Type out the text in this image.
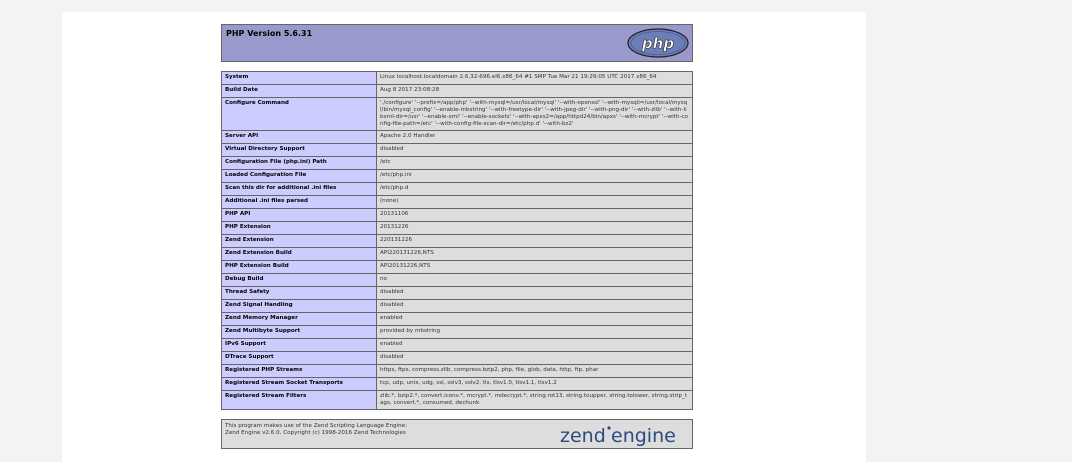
PHP Version 5.6.31
php
System	Linux localhost.localdomain 2.6.32-696.el6.x86_64 #1 SMP Tue Mar 21 19:29:05 UTC 2017 x86_64
Build Date	Aug 8 2017 23:08:28
Configure Command	'./configure' '--prefix=/app/php' '--with-mysql=/usr/local/mysql' '--with-openssl' '--with-mysqli=/usr/local/mysql/bin/mysql_config' '--enable-mbstring' '--with-freetype-dir' '--with-jpeg-dir' '--with-png-dir' '--with-zlib' '--with-libxml-dir=/usr' '--enable-xml' '--enable-sockets' '--with-apxs2=/app/httpd24/bin/apxs' '--with-mcrypt' '--with-config-file-path=/etc' '--with-config-file-scan-dir=/etc/php.d' '--with-bz2'
Server API	Apache 2.0 Handler
Virtual Directory Support	disabled
Configuration File (php.ini) Path	/etc
Loaded Configuration File	/etc/php.ini
Scan this dir for additional .ini files	/etc/php.d
Additional .ini files parsed	(none)
PHP API	20131106
PHP Extension	20131226
Zend Extension	220131226
Zend Extension Build	API220131226,NTS
PHP Extension Build	API20131226,NTS
Debug Build	no
Thread Safety	disabled
Zend Signal Handling	disabled
Zend Memory Manager	enabled
Zend Multibyte Support	provided by mbstring
IPv6 Support	enabled
DTrace Support	disabled
Registered PHP Streams	https, ftps, compress.zlib, compress.bzip2, php, file, glob, data, http, ftp, phar
Registered Stream Socket Transports	tcp, udp, unix, udg, ssl, sslv3, sslv2, tls, tlsv1.0, tlsv1.1, tlsv1.2
Registered Stream Filters	zlib.*, bzip2.*, convert.iconv.*, mcrypt.*, mdecrypt.*, string.rot13, string.toupper, string.tolower, string.strip_tags, convert.*, consumed, dechunk
This program makes use of the Zend Scripting Language Engine:
Zend Engine v2.6.0, Copyright (c) 1998-2016 Zend Technologies	zend engine
